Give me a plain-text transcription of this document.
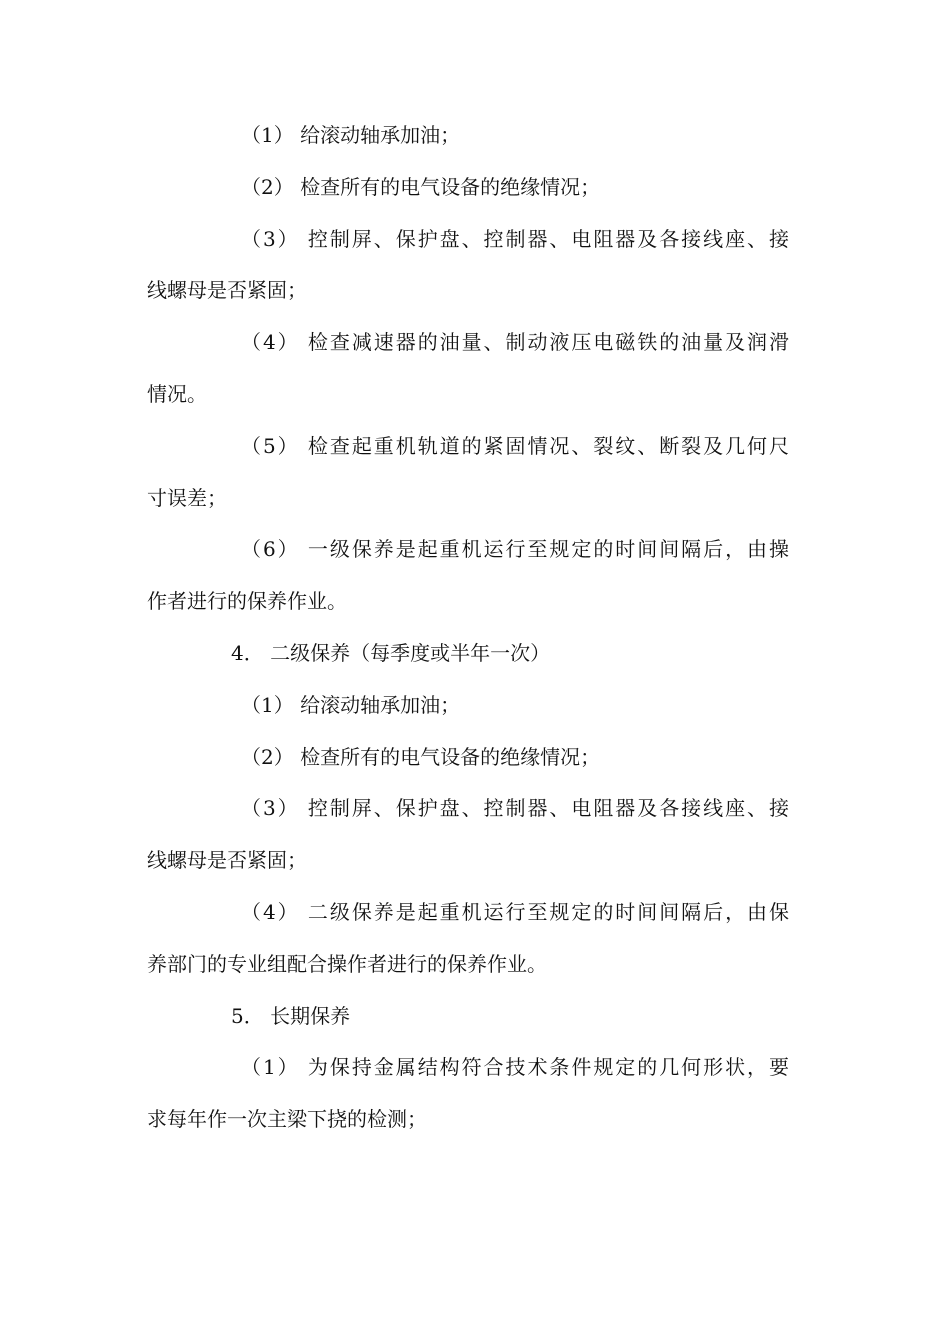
（1） 给滚动轴承加油；
（2） 检查所有的电气设备的绝缘情况；
（3） 控制屏、保护盘、控制器、电阻器及各接线座、接
线螺母是否紧固；
（4） 检查减速器的油量、制动液压电磁铁的油量及润滑
情况。
（5） 检查起重机轨道的紧固情况、裂纹、断裂及几何尺
寸误差；
（6） 一级保养是起重机运行至规定的时间间隔后，由操
作者进行的保养作业。
4． 二级保养（每季度或半年一次）
（1） 给滚动轴承加油；
（2） 检查所有的电气设备的绝缘情况；
（3） 控制屏、保护盘、控制器、电阻器及各接线座、接
线螺母是否紧固；
（4） 二级保养是起重机运行至规定的时间间隔后，由保
养部门的专业组配合操作者进行的保养作业。
5． 长期保养
（1） 为保持金属结构符合技术条件规定的几何形状，要
求每年作一次主梁下挠的检测；
